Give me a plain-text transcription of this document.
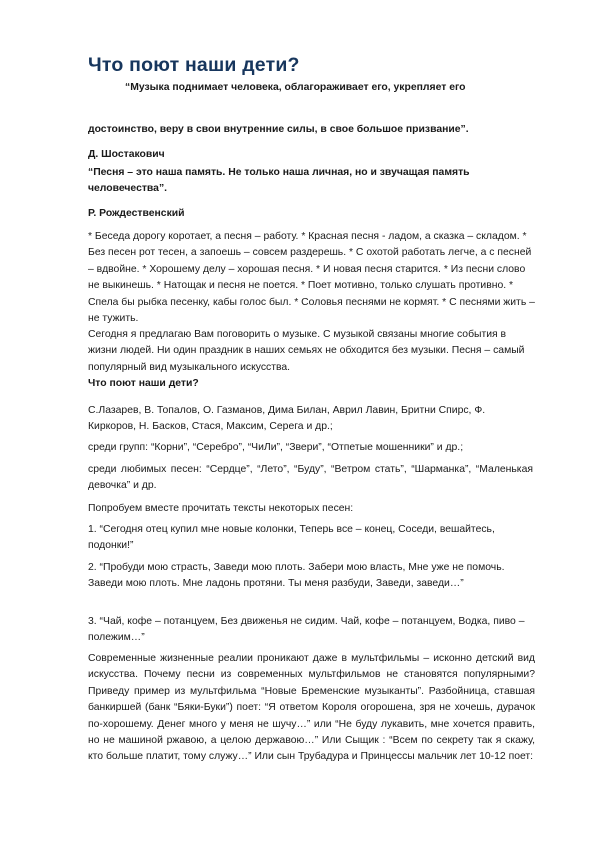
Что поют наши дети?
“Музыка поднимает человека, облагораживает его, укрепляет его
достоинство, веру в свои внутренние силы, в свое большое призвание”.
Д. Шостакович
“Песня – это наша память. Не только наша личная, но и звучащая память человечества”.
Р. Рождественский
* Беседа дорогу коротает, а песня – работу. * Красная песня - ладом, а сказка – складом. * Без песен рот тесен, а запоешь – совсем раздерешь. * С охотой работать легче, а с песней – вдвойне. * Хорошему делу – хорошая песня. * И новая песня старится. * Из песни слово не выкинешь. * Натощак и песня не поется. * Поет мотивно, только слушать противно. * Спела бы рыбка песенку, кабы голос был. * Соловья песнями не кормят. * С песнями жить – не тужить.
Сегодня я предлагаю Вам поговорить о музыке. С музыкой связаны многие события в жизни людей. Ни один праздник в наших семьях не обходится без музыки. Песня – самый популярный вид музыкального искусства.
Что поют наши дети?
С.Лазарев, В. Топалов, О. Газманов, Дима Билан, Аврил Лавин, Бритни Спирс, Ф. Киркоров, Н. Басков, Стася, Максим, Серега и др.;
среди групп: “Корни”, “Серебро”, “ЧиЛи”, “Звери”, “Отпетые мошенники” и др.;
среди любимых песен: “Сердце”, “Лето”, “Буду”, “Ветром стать”, “Шарманка”, “Маленькая девочка” и др.
Попробуем вместе прочитать тексты некоторых песен:
1. “Сегодня отец купил мне новые колонки, Теперь все – конец, Соседи, вешайтесь, подонки!”
2. “Пробуди мою страсть, Заведи мою плоть. Забери мою власть, Мне уже не помочь. Заведи мою плоть. Мне ладонь протяни. Ты меня разбуди, Заведи, заведи…”
3. “Чай, кофе – потанцуем, Без движенья не сидим. Чай, кофе – потанцуем, Водка, пиво – полежим…”
Современные жизненные реалии проникают даже в мультфильмы – исконно детский вид искусства. Почему песни из современных мультфильмов не становятся популярными? Приведу пример из мультфильма “Новые Бременские музыканты”. Разбойница, ставшая банкиршей (банк “Бяки-Буки”) поет: “Я ответом Короля огорошена, зря не хочешь, дурачок по-хорошему. Денег много у меня не шучу…” или “Не буду лукавить, мне хочется править, но не машиной ржавою, а целою державою…” Или Сыщик : “Всем по секрету так я скажу, кто больше платит, тому служу…” Или сын Трубадура и Принцессы мальчик лет 10-12 поет:
